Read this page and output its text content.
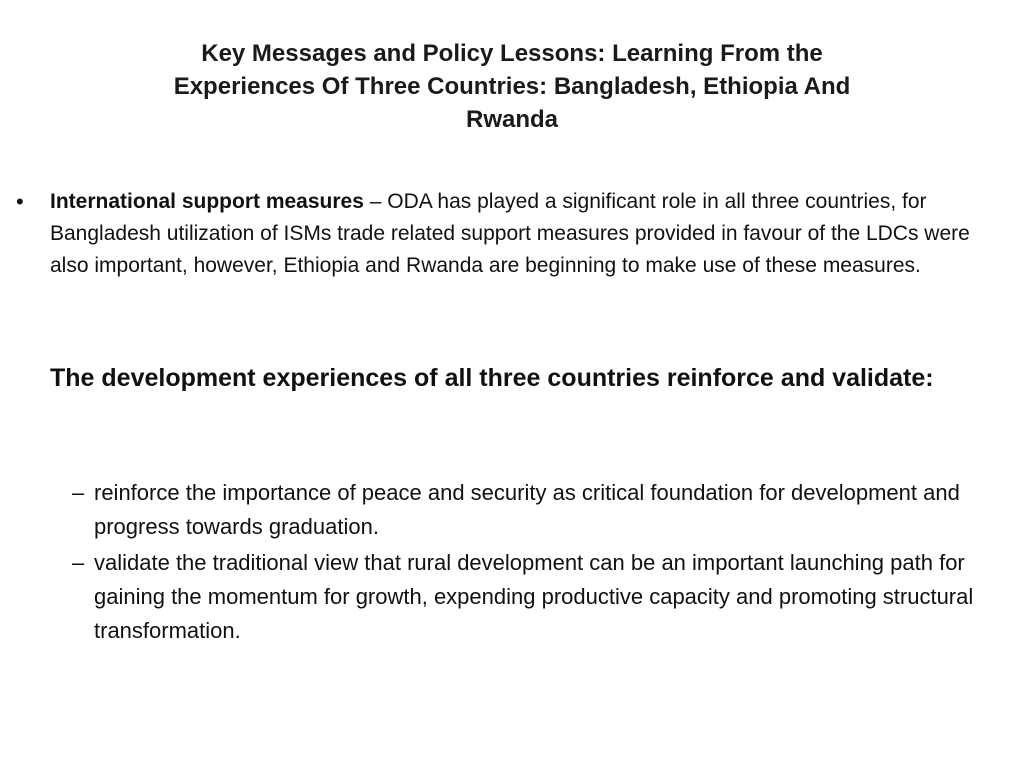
Key Messages and Policy Lessons: Learning From the
Experiences Of Three Countries: Bangladesh, Ethiopia And
Rwanda
• International support measures – ODA has played a significant role in all three countries, for Bangladesh utilization of ISMs trade related support measures provided in favour of the LDCs were also important, however, Ethiopia and Rwanda are beginning to make use of these measures.
The development experiences of all three countries reinforce and validate:
– reinforce the importance of peace and security as critical foundation for development and progress towards graduation.
– validate the traditional view that rural development can be an important launching path for gaining the momentum for growth, expending productive capacity and promoting structural transformation.
